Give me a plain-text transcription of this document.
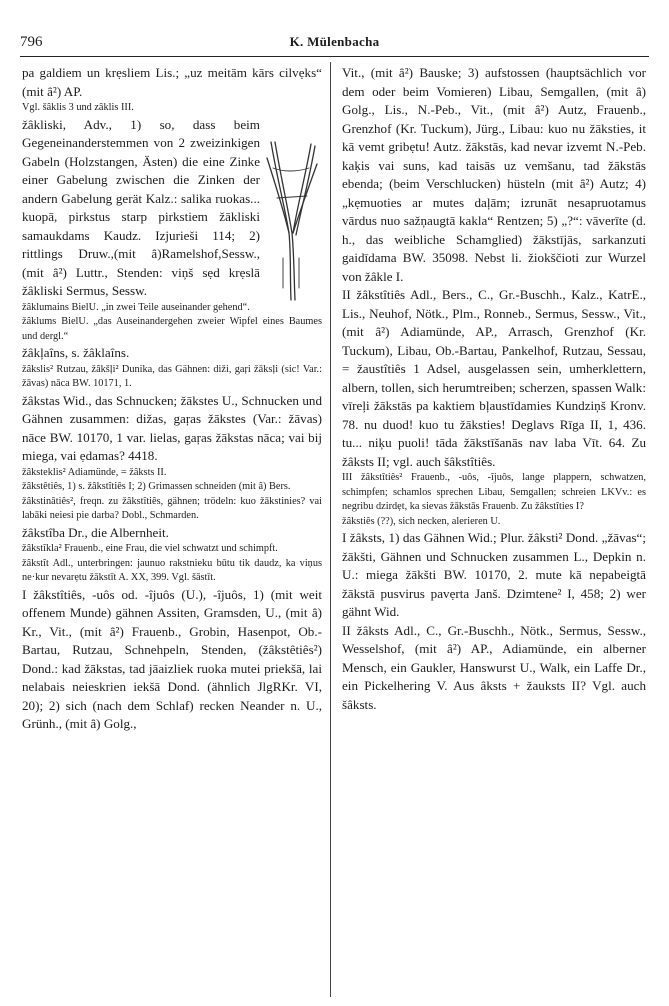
796	K. Mülenbacha

pa galdiem un krẹsliem Lis.; „uz meitām kārs cilvẹks“ (mit ȃ²) AP.

Vgl. šâklis 3 und zâklis III.

žâkliski, Adv., 1) so, dass beim Gegeneinanderstemmen von 2 zweizinkigen Gabeln (Holzstangen, Ästen) die eine Zinke einer Gabelung zwischen die Zinken der andern Gabelung gerät Kalz.: salika ruokas... kuopā, pirkstus starp pirkstiem žākliski samaukdams Kaudz. Izjurieši 114; 2) rittlings Druw.,(mit ȃ)Ramelshof,Sessw., (mit ȃ²) Luttr., Stenden: viņš sẹd krẹslā žâkliski Sermus, Sessw.

žâklumains BielU. „in zwei Teile auseinander gehend“.

žâklums BielU. „das Auseinandergehen zweier Wipfel eines Baumes und dergl.“

žâkļaîns, s. žâklaîns.

žâkslis² Rutzau, žâkšļi² Dunika, das Gähnen: diži, gaŗi žāksļi (sic! Var.: žāvas) nāca BW. 10171, 1.

žâkstas Wid., das Schnucken; žākstes U., Schnucken und Gähnen zusammen: dižas, gaŗas žākstes (Var.: žāvas) nāce BW. 10170, 1 var. lielas, gaŗas žākstas nāca; vai bij miega, vai ẹdamas? 4418.

žâksteklis² Adiamünde, = žâksts II.

žâkstêtiês, 1) s. žâkstîtiês I; 2) Grimassen schneiden (mit ȃ) Bers.

žâkstinâtiês², freqn. zu žâkstîtiês, gähnen; trödeln: kuo žākstinies? vai labāki neiesi pie darba? Dobl., Schmarden.

žâkstîba Dr., die Albernheit.

žâkstîkla² Frauenb., eine Frau, die viel schwatzt und schimpft.

žâkstît Adl., unterbringen: jaunuo rakstnieku būtu tik daudz, ka viņus ne·kur nevarẹtu žākstīt A. XX, 399. Vgl. šāstīt.

I žâkstîtiês, -uôs od. -îjuôs (U.), -îjuôs, 1) (mit weit offenem Munde) gähnen Assiten, Gramsden, U., (mit ȃ) Kr., Vit., (mit ȃ²) Frauenb., Grobin, Hasenpot, Ob.-Bartau, Rutzau, Schnehpeln, Stenden, (žâkstêtiês²) Dond.: kad žākstas, tad jāaizliek ruoka mutei priekšā, lai nelabais neieskrien iekšā Dond. (ähnlich JlgRKr. VI, 20); 2) sich (nach dem Schlaf) recken Neander n. U., Grünh., (mit ȃ) Golg.,

Vit., (mit ȃ²) Bauske; 3) aufstossen (hauptsächlich vor dem oder beim Vomieren) Libau, Semgallen, (mit ȃ) Golg., Lis., N.-Peb., Vit., (mit ȃ²) Autz, Frauenb., Grenzhof (Kr. Tuckum), Jürg., Libau: kuo nu žāksties, it kā vemt gribẹtu! Autz. žākstās, kad nevar izvemt N.-Peb. kaķis vai suns, kad taisās uz vemšanu, tad žākstās ebenda; (beim Verschlucken) hüsteln (mit ȃ²) Autz; 4) „kẹmuoties ar mutes daļām; izrunāt nesapruotamus vārdus nuo sažņaugtā kakla“ Rentzen; 5) „?“: vāverīte (d. h., das weibliche Schamglied) žākstījās, sarkanzuti gaidīdama BW. 35098. Nebst li. žiokščioti zur Wurzel von žâkle I.

II žâkstîtiês Adl., Bers., C., Gr.-Buschh., Kalz., KatrE., Lis., Neuhof, Nötk., Plm., Ronneb., Sermus, Sessw., Vit., (mit ȃ²) Adiamünde, AP., Arrasch, Grenzhof (Kr. Tuckum), Libau, Ob.-Bartau, Pankelhof, Rutzau, Sessau, = žaustîtiês 1 Adsel, ausgelassen sein, umherklettern, albern, tollen, sich herumtreiben; scherzen, spassen Walk: vīreļi žākstās pa kaktiem bļaustīdamies Kundziņš Kronv. 78. nu duod! kuo tu žāksties! Deglavs Rīga II, 1, 436. tu... niķu puoli! tāda žākstīšanās nav laba Vīt. 64. Zu žâksts II; vgl. auch šâkstîtiês.

III žâkstîtiês² Frauenb., -uôs, -îjuôs, lange plappern, schwatzen, schimpfen; schamlos sprechen Libau, Semgallen; schreien LKVv.: es negribu dzirdẹt, ka sievas žākstās Frauenb. Zu žâkstîties I?

žâkstiês (??), sich necken, alerieren U.

I žâksts, 1) das Gähnen Wid.; Plur. žâksti² Dond. „žāvas“; žākšti, Gähnen und Schnucken zusammen L., Depkin n. U.: miega žākšti BW. 10170, 2. mute kā nepabeigtā žākstā pusvirus pavẹrta Janš. Dzimtene² I, 458; 2) wer gähnt Wid.

II žâksts Adl., C., Gr.-Buschh., Nötk., Sermus, Sessw., Wesselshof, (mit ȃ²) AP., Adiamünde, ein alberner Mensch, ein Gaukler, Hanswurst U., Walk, ein Laffe Dr., ein Pickelhering V. Aus âksts + žauksts II? Vgl. auch šâksts.
